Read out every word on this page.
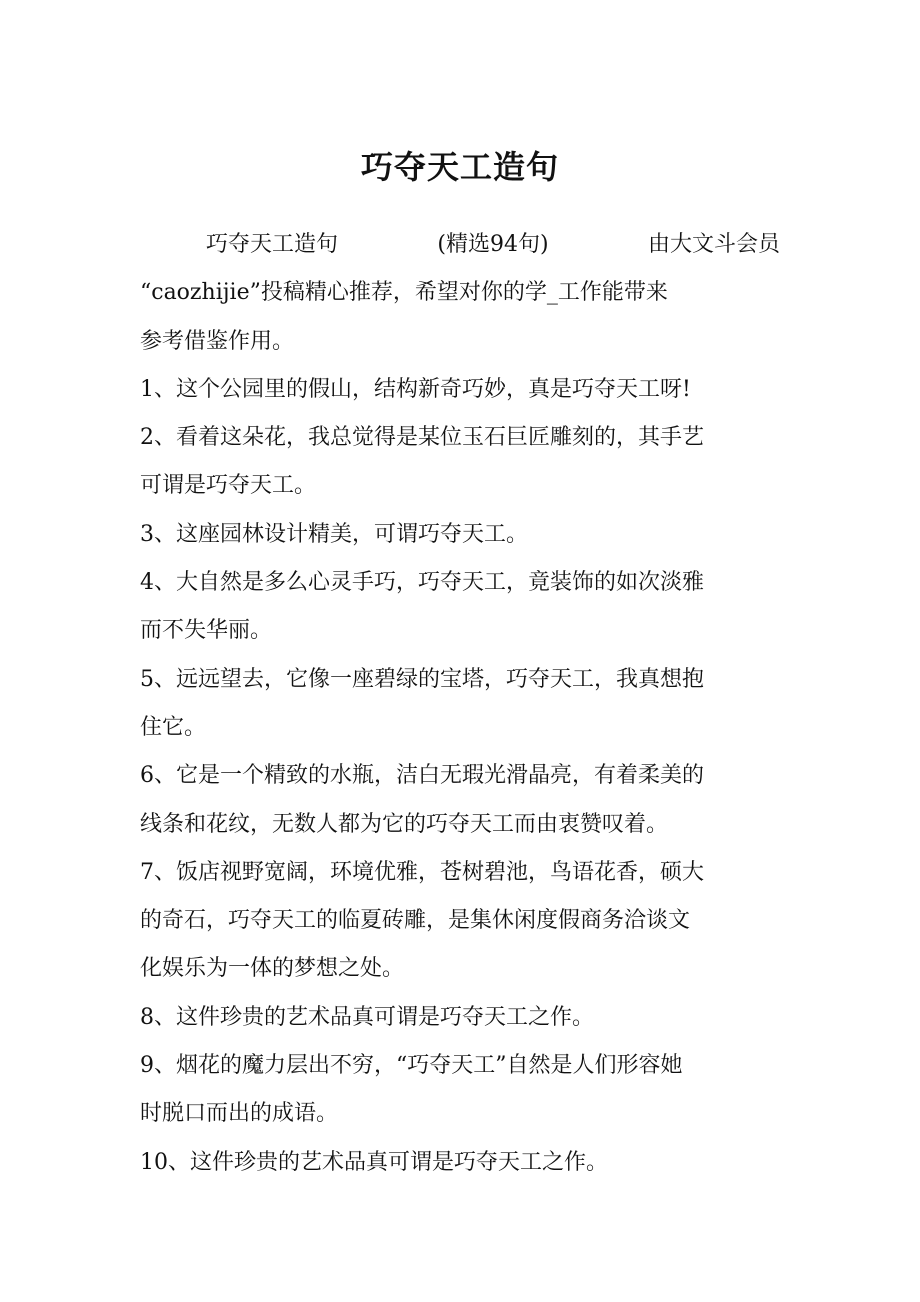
巧夺天工造句
巧夺天工造句	(精选94句)	由大文斗会员
“caozhijie”投稿精心推荐，希望对你的学_工作能带来
参考借鉴作用。
1、这个公园里的假山，结构新奇巧妙，真是巧夺天工呀!
2、看着这朵花，我总觉得是某位玉石巨匠雕刻的，其手艺
可谓是巧夺天工。
3、这座园林设计精美，可谓巧夺天工。
4、大自然是多么心灵手巧，巧夺天工，竟装饰的如次淡雅
而不失华丽。
5、远远望去，它像一座碧绿的宝塔，巧夺天工，我真想抱
住它。
6、它是一个精致的水瓶，洁白无瑕光滑晶亮，有着柔美的
线条和花纹，无数人都为它的巧夺天工而由衷赞叹着。
7、饭店视野宽阔，环境优雅，苍树碧池，鸟语花香，硕大
的奇石，巧夺天工的临夏砖雕，是集休闲度假商务洽谈文
化娱乐为一体的梦想之处。
8、这件珍贵的艺术品真可谓是巧夺天工之作。
9、烟花的魔力层出不穷，“巧夺天工”自然是人们形容她
时脱口而出的成语。
10、这件珍贵的艺术品真可谓是巧夺天工之作。
